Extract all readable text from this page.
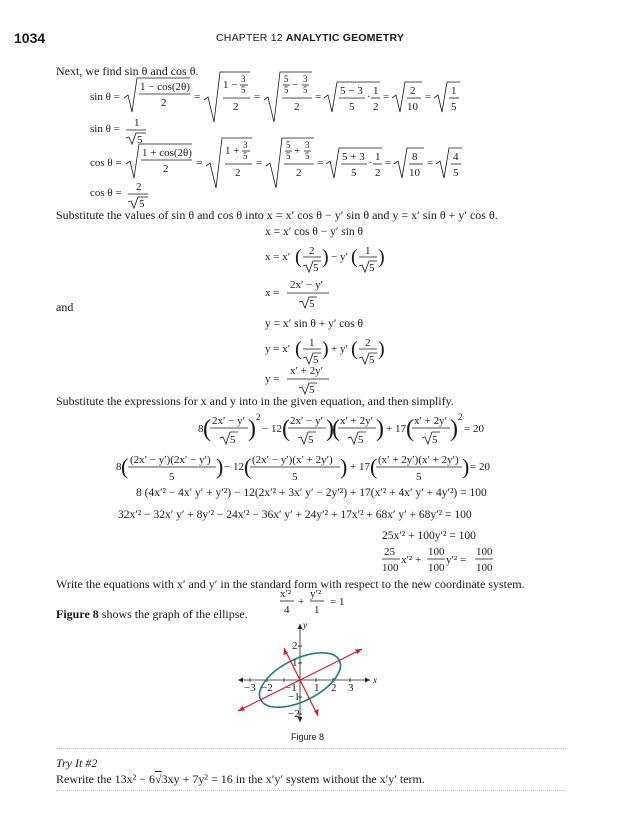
1034	CHAPTER 12 ANALYTIC GEOMETRY
Next, we find sin θ and cos θ.
sin θ =
1 − cos(2θ)
2	=
1 − 3
5
2
=
5
5 − 3
5
2
= 5 − 3
5
· 1
2
= 2
10
= 1
5
sin θ = 1
5
cos θ =
1 + cos(2θ)
2	=
1 + 3
5
2
=
5
5 + 3
5
2
= 5 + 3
5
· 1
2
= 8
10
= 4
5
cos θ = 2
5
Substitute the values of sin θ and cos θ into x = x′ cos θ − y′ sin θ and y = x′ sin θ + y′ cos θ.
x = x′ cos θ − y′ sin θ
x = x′ ( 2
5 ) − y′ ( 1
5 )
x =
2x′ − y′
5
and
y = x′ sin θ + y′ cos θ
y = x′ ( 1
5 ) + y′ ( 2
5 )
y =
x′ + 2y′
5
Substitute the expressions for x and y into in the given equation, and then simplify.
8 ( 2x′ − y′
5 ) 2
− 12 ( 2x′ − y′
5 )
( x′ + 2y′
5 ) + 17 ( x′ + 2y′
5 ) 2
= 20
8 ( (2x′ − y′)(2x′ − y′)
5 ) − 12 ( (2x′ − y′)(x′ + 2y′)
5 ) + 17 ( (x′ + 2y′)(x′ + 2y′)
5 ) = 20
8 (4x′² − 4x′ y′ + y′²) − 12(2x′² + 3x′ y′ − 2y′²) + 17(x′² + 4x′ y′ + 4y′²) = 100
32x′² − 32x′ y′ + 8y′² − 24x′² − 36x′ y′ + 24y′² + 17x′² + 68x′ y′ + 68y′² = 100
25x′² + 100y′² = 100
25
100
x′² +
100
100
y′² =
100
100
Write the equations with x′ and y′ in the standard form with respect to the new coordinate system.
x′²
4
+
y′²
1
= 1
Figure 8 shows the graph of the ellipse.
x
y
−3 −2 −1 1 2 3
2
1
−1
−2
Figure 8
Try It #2
Rewrite the 13x² − 6√3xy + 7y² = 16 in the x′y′ system without the x′y′ term.
